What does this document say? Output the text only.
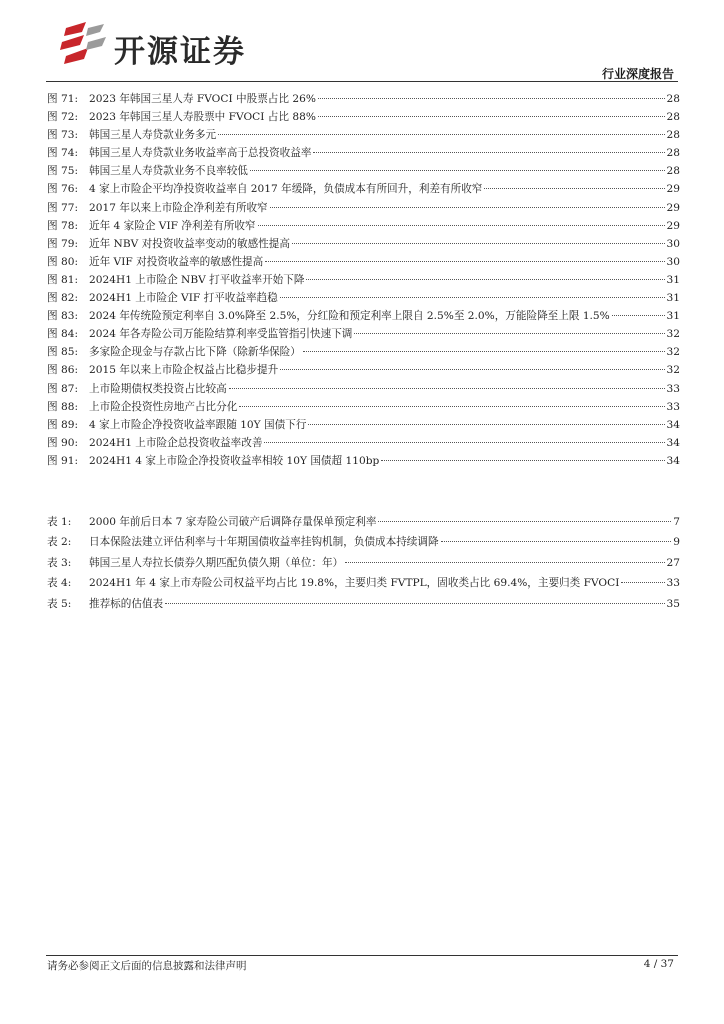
开源证券
行业深度报告
图 71:	2023 年韩国三星人寿 FVOCI 中股票占比 26%	28
图 72:	2023 年韩国三星人寿股票中 FVOCI 占比 88%	28
图 73:	韩国三星人寿贷款业务多元	28
图 74:	韩国三星人寿贷款业务收益率高于总投资收益率	28
图 75:	韩国三星人寿贷款业务不良率较低	28
图 76:	4 家上市险企平均净投资收益率自 2017 年缓降，负债成本有所回升，利差有所收窄	29
图 77:	2017 年以来上市险企净利差有所收窄	29
图 78:	近年 4 家险企 VIF 净利差有所收窄	29
图 79:	近年 NBV 对投资收益率变动的敏感性提高	30
图 80:	近年 VIF 对投资收益率的敏感性提高	30
图 81:	2024H1 上市险企 NBV 打平收益率开始下降	31
图 82:	2024H1 上市险企 VIF 打平收益率趋稳	31
图 83:	2024 年传统险预定利率自 3.0%降至 2.5%，分红险和预定利率上限自 2.5%至 2.0%，万能险降至上限 1.5%	31
图 84:	2024 年各寿险公司万能险结算利率受监管指引快速下调	32
图 85:	多家险企现金与存款占比下降（除新华保险）	32
图 86:	2015 年以来上市险企权益占比稳步提升	32
图 87:	上市险期债权类投资占比较高	33
图 88:	上市险企投资性房地产占比分化	33
图 89:	4 家上市险企净投资收益率跟随 10Y 国债下行	34
图 90:	2024H1 上市险企总投资收益率改善	34
图 91:	2024H1 4 家上市险企净投资收益率相较 10Y 国债超 110bp	34
表 1:	2000 年前后日本 7 家寿险公司破产后调降存量保单预定利率	7
表 2:	日本保险法建立评估利率与十年期国债收益率挂钩机制，负债成本持续调降	9
表 3:	韩国三星人寿拉长债券久期匹配负债久期（单位：年）	27
表 4:	2024H1 年 4 家上市寿险公司权益平均占比 19.8%，主要归类 FVTPL，固收类占比 69.4%，主要归类 FVOCI	33
表 5:	推荐标的估值表	35
请务必参阅正文后面的信息披露和法律声明	4 / 37
